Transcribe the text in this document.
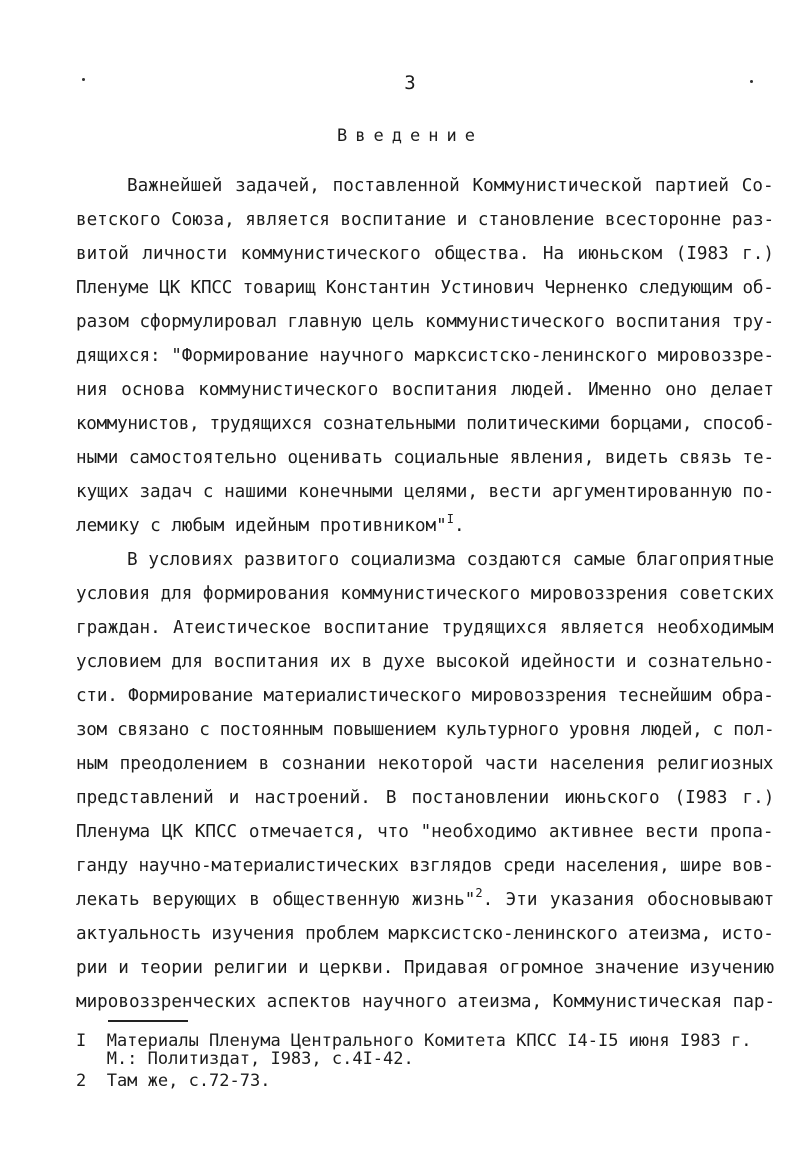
3
Введение
Важнейшей задачей, поставленной Коммунистической партией Со-
ветского Союза, является воспитание и становление всесторонне раз-
витой личности коммунистического общества. На июньском (I983 г.)
Пленуме ЦК КПСС товарищ Константин Устинович Черненко следующим об-
разом сформулировал главную цель коммунистического воспитания тру-
дящихся: "Формирование научного марксистско-ленинского мировоззре-
ния основа коммунистического воспитания людей. Именно оно делает
коммунистов, трудящихся сознательными политическими борцами, способ-
ными самостоятельно оценивать социальные явления, видеть связь те-
кущих задач с нашими конечными целями, вести аргументированную по-
лемику с любым идейным противником"$^I$.
В условиях развитого социализма создаются самые благоприятные
условия для формирования коммунистического мировоззрения советских
граждан. Атеистическое воспитание трудящихся является необходимым
условием для воспитания их в духе высокой идейности и сознательно-
сти. Формирование материалистического мировоззрения теснейшим обра-
зом связано с постоянным повышением культурного уровня людей, с пол-
ным преодолением в сознании некоторой части населения религиозных
представлений и настроений. В постановлении июньского (I983 г.)
Пленума ЦК КПСС отмечается, что "необходимо активнее вести пропа-
ганду научно-материалистических взглядов среди населения, шире вов-
лекать верующих в общественную жизнь"$^2$. Эти указания обосновывают
актуальность изучения проблем марксистско-ленинского атеизма, исто-
рии и теории религии и церкви. Придавая огромное значение изучению
мировоззренческих аспектов научного атеизма, Коммунистическая пар-
I  Материалы Пленума Центрального Комитета КПСС I4-I5 июня I983 г.
М.: Политиздат, I983, с.4I-42.
2  Там же, с.72-73.
